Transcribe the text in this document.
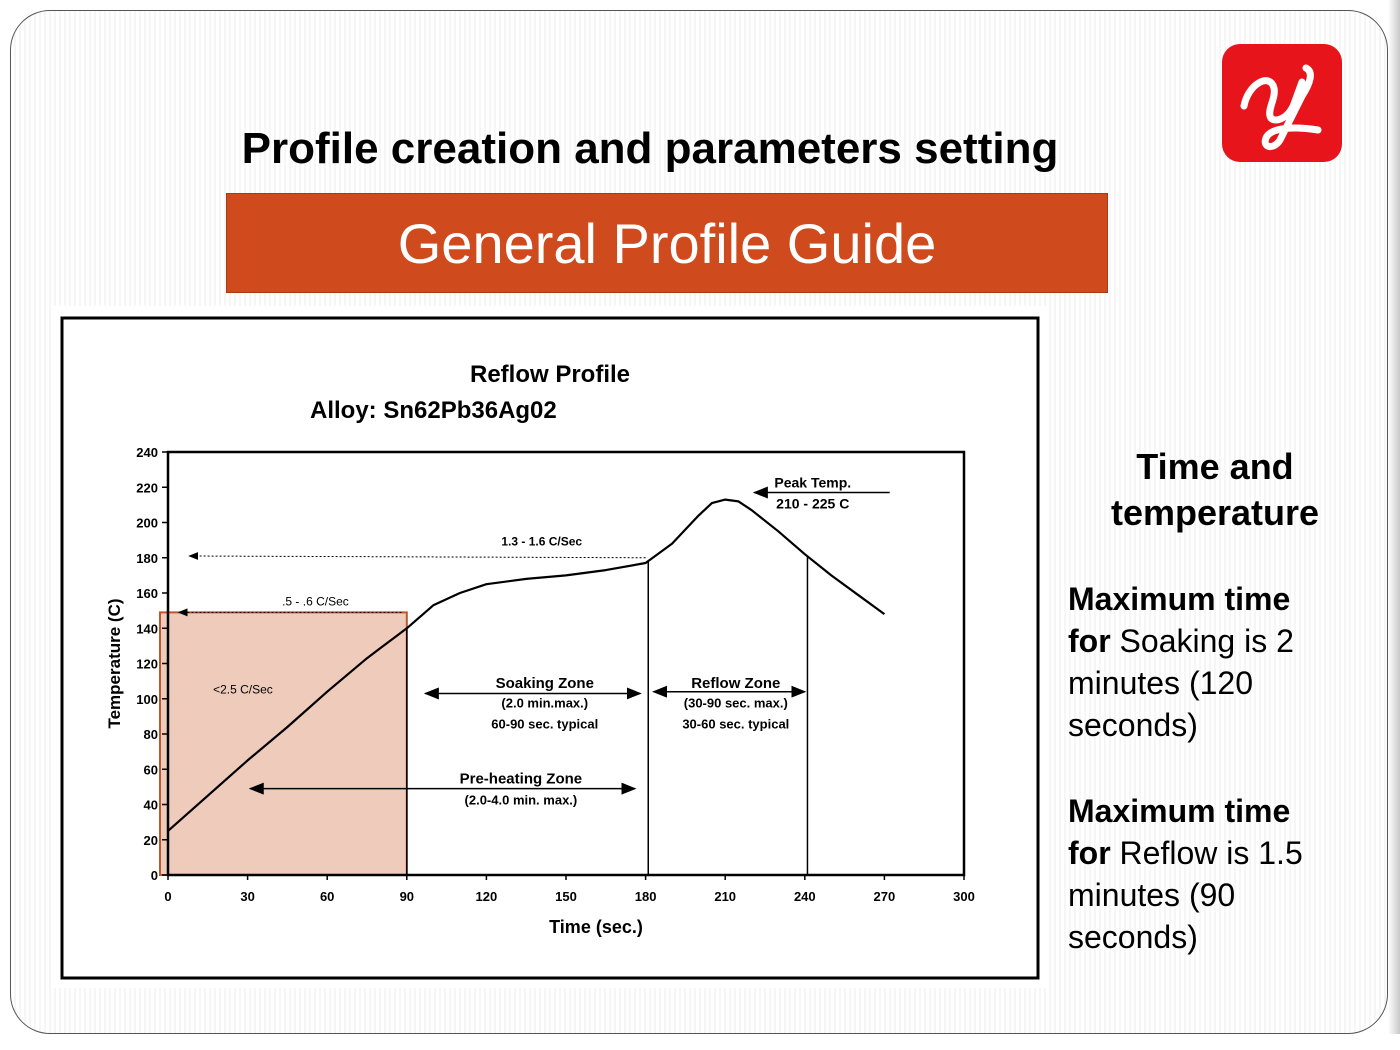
Profile creation and parameters setting
General Profile Guide
0
20
40
60
80
100
120
140
160
180
200
220
240
0	30	60	90	120	150	180	210	240	270	300
Time (sec.)
Temperature (C)
Reflow Profile
Alloy: Sn62Pb36Ag02
1.3 - 1.6 C/Sec
.5 - .6 C/Sec
<2.5 C/Sec
Peak Temp.
210 - 225 C
Soaking Zone
(2.0 min.max.)
60-90 sec. typical
Reflow Zone
(30-90 sec. max.)
30-60 sec. typical
Pre-heating Zone
(2.0-4.0 min. max.)
Time and
temperature
Maximum time
for Soaking is 2
minutes (120
seconds)
Maximum time
for Reflow is 1.5
minutes (90
seconds)
